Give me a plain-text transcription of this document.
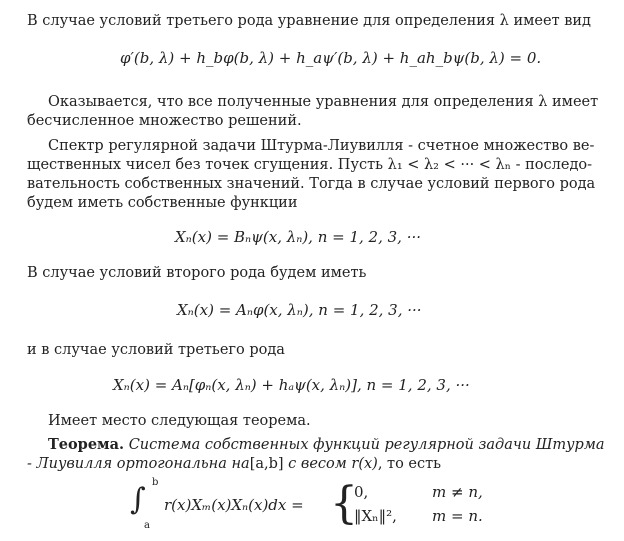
В случае условий третьего рода уравнение для определения λ имеет вид
φ′(b, λ) + h_bφ(b, λ) + h_aψ′(b, λ) + h_ah_bψ(b, λ) = 0.
Оказывается, что все полученные уравнения для определения λ имеет
бесчисленное множество решений.
Спектр регулярной задачи Штурма-Лиувилля - счетное множество ве-
щественных чисел без точек сгущения. Пусть λ₁ < λ₂ < ··· < λₙ - последо-
вательность собственных значений. Тогда в случае условий первого рода
будем иметь собственные функции
Xₙ(x) = Bₙψ(x, λₙ), n = 1, 2, 3, ···
В случае условий второго рода будем иметь
Xₙ(x) = Aₙφ(x, λₙ), n = 1, 2, 3, ···
и в случае условий третьего рода
Xₙ(x) = Aₙ[φₙ(x, λₙ) + hₐψ(x, λₙ)], n = 1, 2, 3, ···
Имеет место следующая теорема.
Теорема. Система собственных функций регулярной задачи Штурма
- Лиувилля ортогональна на[a,b] с весом r(x), то есть
∫ b
a
r(x)Xₘ(x)Xₙ(x)dx = {
0,	m ≠ n,
‖Xₙ‖², m = n.
